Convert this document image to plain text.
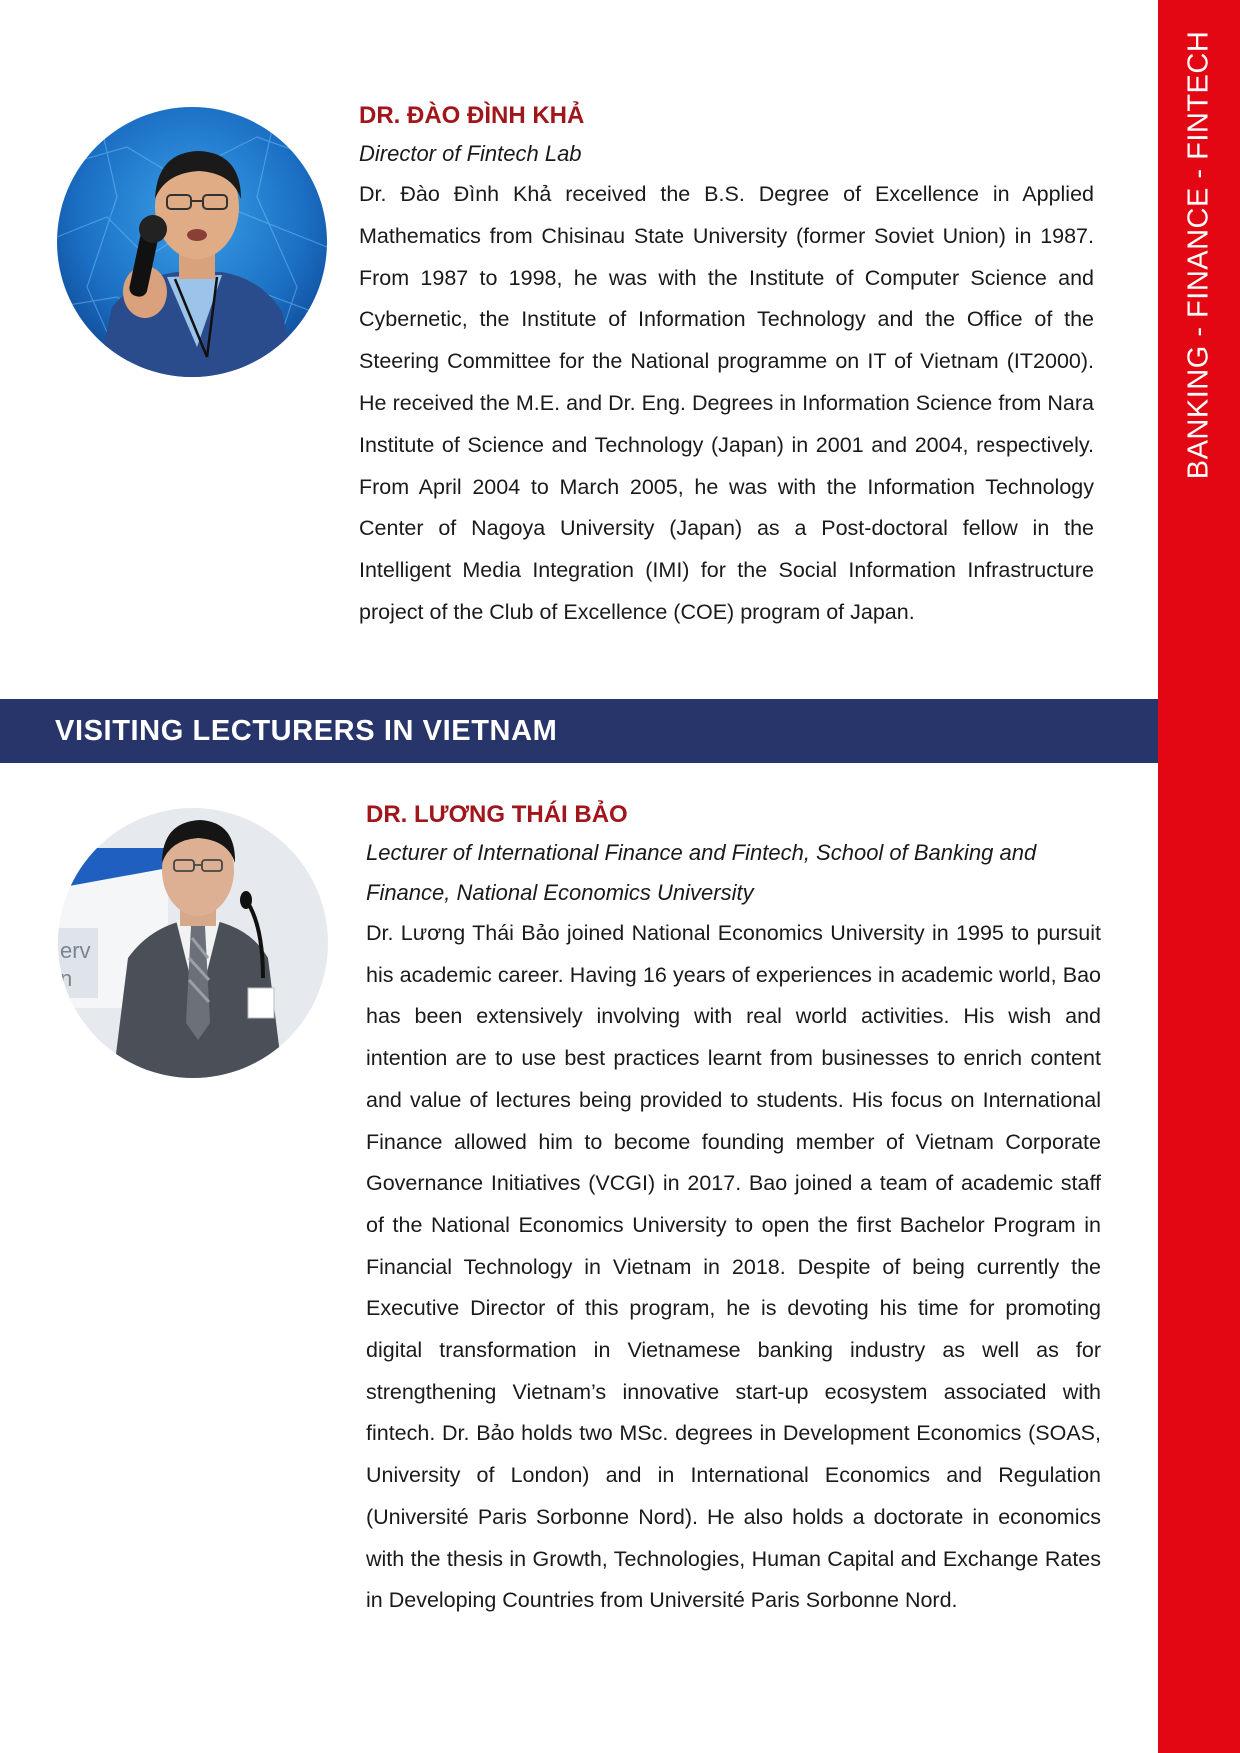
BANKING - FINANCE - FINTECH

DR. ĐÀO ĐÌNH KHẢ

Director of Fintech Lab

Dr. Đào Đình Khả received the B.S. Degree of Excellence in Applied Mathematics from Chisinau State University (former Soviet Union) in 1987. From 1987 to 1998, he was with the Institute of Computer Science and Cybernetic, the Institute of Information Technology and the Office of the Steering Committee for the National programme on IT of Vietnam (IT2000). He received the M.E. and Dr. Eng. Degrees in Information Science from Nara Institute of Science and Technology (Japan) in 2001 and 2004, respectively. From April 2004 to March 2005, he was with the Information Technology Center of Nagoya University (Japan) as a Post-doctoral fellow in the Intelligent Media Integration (IMI) for the Social Information Infrastructure project of the Club of Excellence (COE) program of Japan.

VISITING LECTURERS IN VIETNAM
erv
n

DR. LƯƠNG THÁI BẢO

Lecturer of International Finance and Fintech, School of Banking and Finance, National Economics University

Dr. Lương Thái Bảo joined National Economics University in 1995 to pursuit his academic career. Having 16 years of experiences in academic world, Bao has been extensively involving with real world activities. His wish and intention are to use best practices learnt from businesses to enrich content and value of lectures being provided to students. His focus on International Finance allowed him to become founding member of Vietnam Corporate Governance Initiatives (VCGI) in 2017. Bao joined a team of academic staff of the National Economics University to open the first Bachelor Program in Financial Technology in Vietnam in 2018. Despite of being currently the Executive Director of this program, he is devoting his time for promoting digital transformation in Vietnamese banking industry as well as for strengthening Vietnam’s innovative start-up ecosystem associated with fintech. Dr. Bảo holds two MSc. degrees in Development Economics (SOAS, University of London) and in International Economics and Regulation (Université Paris Sorbonne Nord). He also holds a doctorate in economics with the thesis in Growth, Technologies, Human Capital and Exchange Rates in Developing Countries from Université Paris Sorbonne Nord.
